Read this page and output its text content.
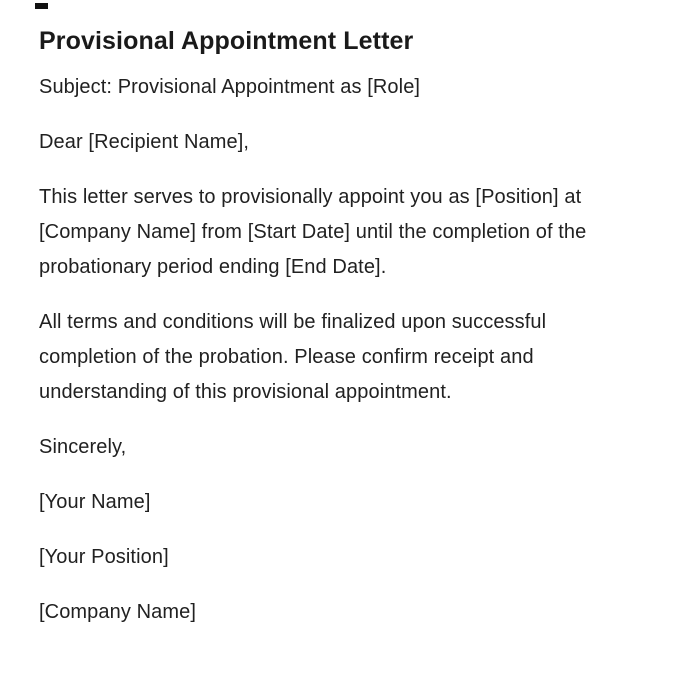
Provisional Appointment Letter

Subject: Provisional Appointment as [Role]

Dear [Recipient Name],

This letter serves to provisionally appoint you as [Position] at
[Company Name] from [Start Date] until the completion of the
probationary period ending [End Date].

All terms and conditions will be finalized upon successful
completion of the probation. Please confirm receipt and
understanding of this provisional appointment.

Sincerely,

[Your Name]

[Your Position]

[Company Name]
